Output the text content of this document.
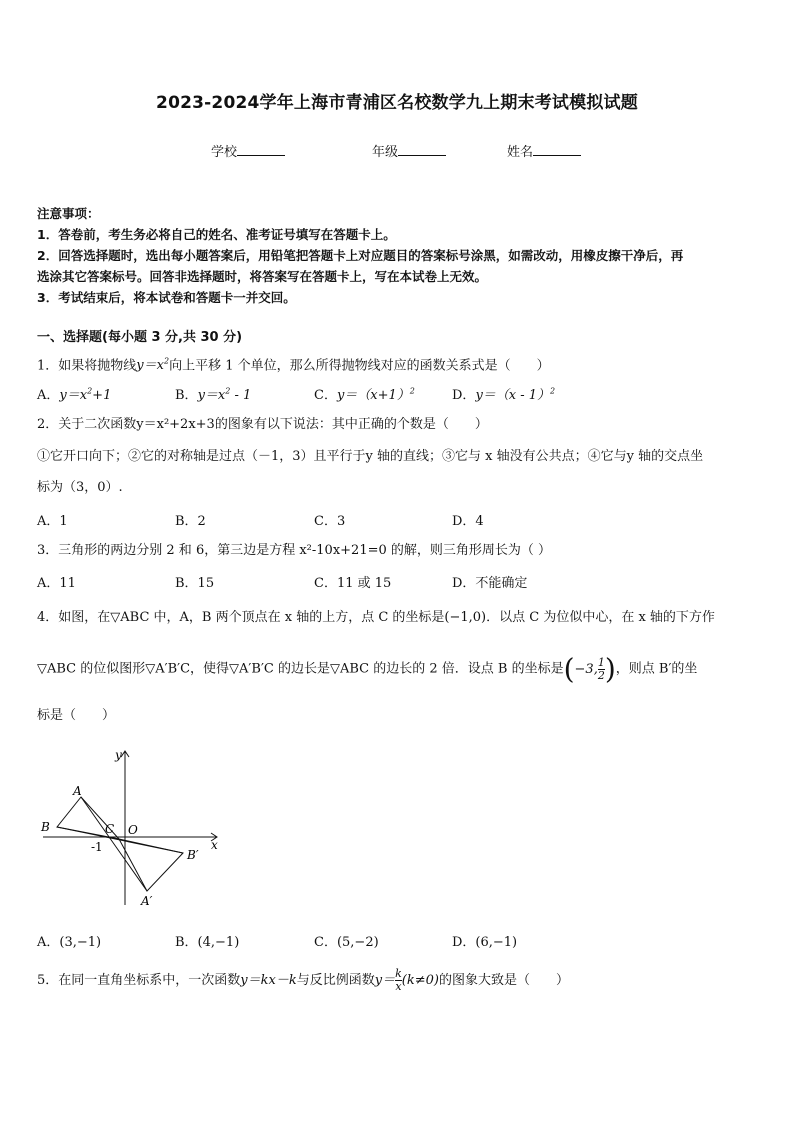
2023-2024学年上海市青浦区名校数学九上期末考试模拟试题
学校	年级	姓名

注意事项：

1．答卷前，考生务必将自己的姓名、准考证号填写在答题卡上。

2．回答选择题时，选出每小题答案后，用铅笔把答题卡上对应题目的答案标号涂黑，如需改动，用橡皮擦干净后，再

选涂其它答案标号。回答非选择题时，将答案写在答题卡上，写在本试卷上无效。

3．考试结束后，将本试卷和答题卡一并交回。

一、选择题(每小题 3 分,共 30 分)
1．如果将抛物线$y=x^2$向上平移 1 个单位，那么所得抛物线对应的函数关系式是（　　）
A．$y=x^2+1$	B．$y=x^2 - 1$	C．$y=(x+1)^2$	D．y＝（x - 1）$^2$
2．关于二次函数y＝x²+2x+3的图象有以下说法：其中正确的个数是（　　）
①它开口向下；②它的对称轴是过点（－1，3）且平行于y 轴的直线；③它与 x 轴没有公共点；④它与y 轴的交点坐
标为（3，0）.
A．1	B．2	C．3	D．4
3．三角形的两边分别 2 和 6，第三边是方程 x²-10x+21=0 的解，则三角形周长为（ ）
A．11	B．15	C．11 或 15	D．不能确定
4．如图，在▽ABC 中，A，B 两个顶点在 x 轴的上方，点 C 的坐标是(−1,0)．以点 C 为位似中心，在 x 轴的下方作
▽ABC 的位似图形▽A′B′C，使得▽A′B′C 的边长是▽ABC 的边长的 2 倍．设点 B 的坐标是(−3, $\frac{1}{2}$ )，则点 B′的坐
标是（　　）
y
A
B	C O
-1
B′
x
A′
A．(3,−1)	B．(4,−1)	C．(5,−2)	D．(6,−1)
5．在同一直角坐标系中，一次函数y＝kx－k与反比例函数$y= \frac{k}{x} (k\ne 0)$的图象大致是（　　）
